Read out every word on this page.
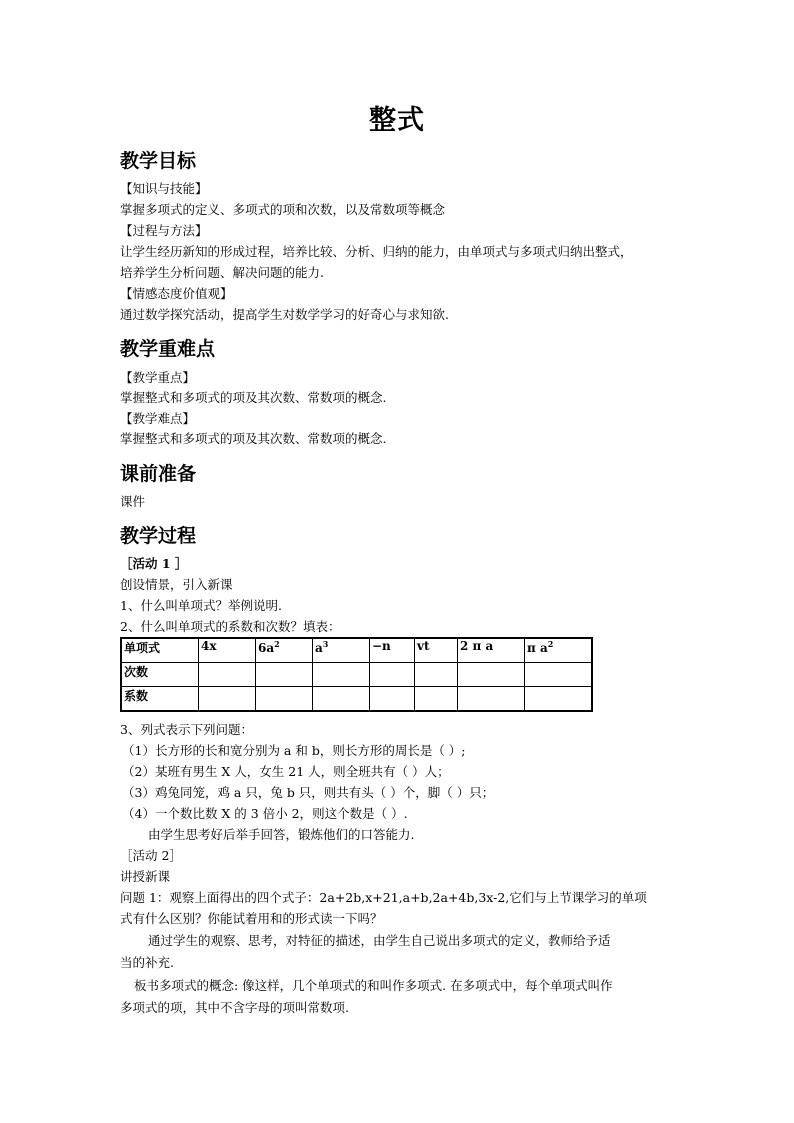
整式
教学目标
【知识与技能】
掌握多项式的定义、多项式的项和次数，以及常数项等概念
【过程与方法】
让学生经历新知的形成过程，培养比较、分析、归纳的能力，由单项式与多项式归纳出整式，
培养学生分析问题、解决问题的能力.
【情感态度价值观】
通过数学探究活动，提高学生对数学学习的好奇心与求知欲.
教学重难点
【教学重点】
掌握整式和多项式的项及其次数、常数项的概念.
【教学难点】
掌握整式和多项式的项及其次数、常数项的概念.
课前准备
课件
教学过程
［活动 1 ］
创设情景，引入新课
1、什么叫单项式？举例说明.
2、什么叫单项式的系数和次数？填表：
单项式	4x	$6a^2$	$a^3$	−n	vt	2 π a	π $a^2$
次数							
系数							
3、列式表示下列问题：
（1）长方形的长和宽分别为 a 和 b，则长方形的周长是（ ）;
（2）某班有男生 X 人，女生 21 人，则全班共有（ ）人；
（3）鸡兔同笼，鸡 a 只，兔 b 只，则共有头（ ）个，脚（ ）只；
（4）一个数比数 X 的 3 倍小 2，则这个数是（ ）.
由学生思考好后举手回答，锻炼他们的口答能力.
［活动 2］
讲授新课
问题 1：观察上面得出的四个式子：2a+2b,x+21,a+b,2a+4b,3x-2,它们与上节课学习的单项
式有什么区别？你能试着用和的形式读一下吗？
通过学生的观察、思考，对特征的描述，由学生自己说出多项式的定义，教师给予适
当的补充.
板书多项式的概念: 像这样，几个单项式的和叫作多项式. 在多项式中，每个单项式叫作
多项式的项，其中不含字母的项叫常数项.
